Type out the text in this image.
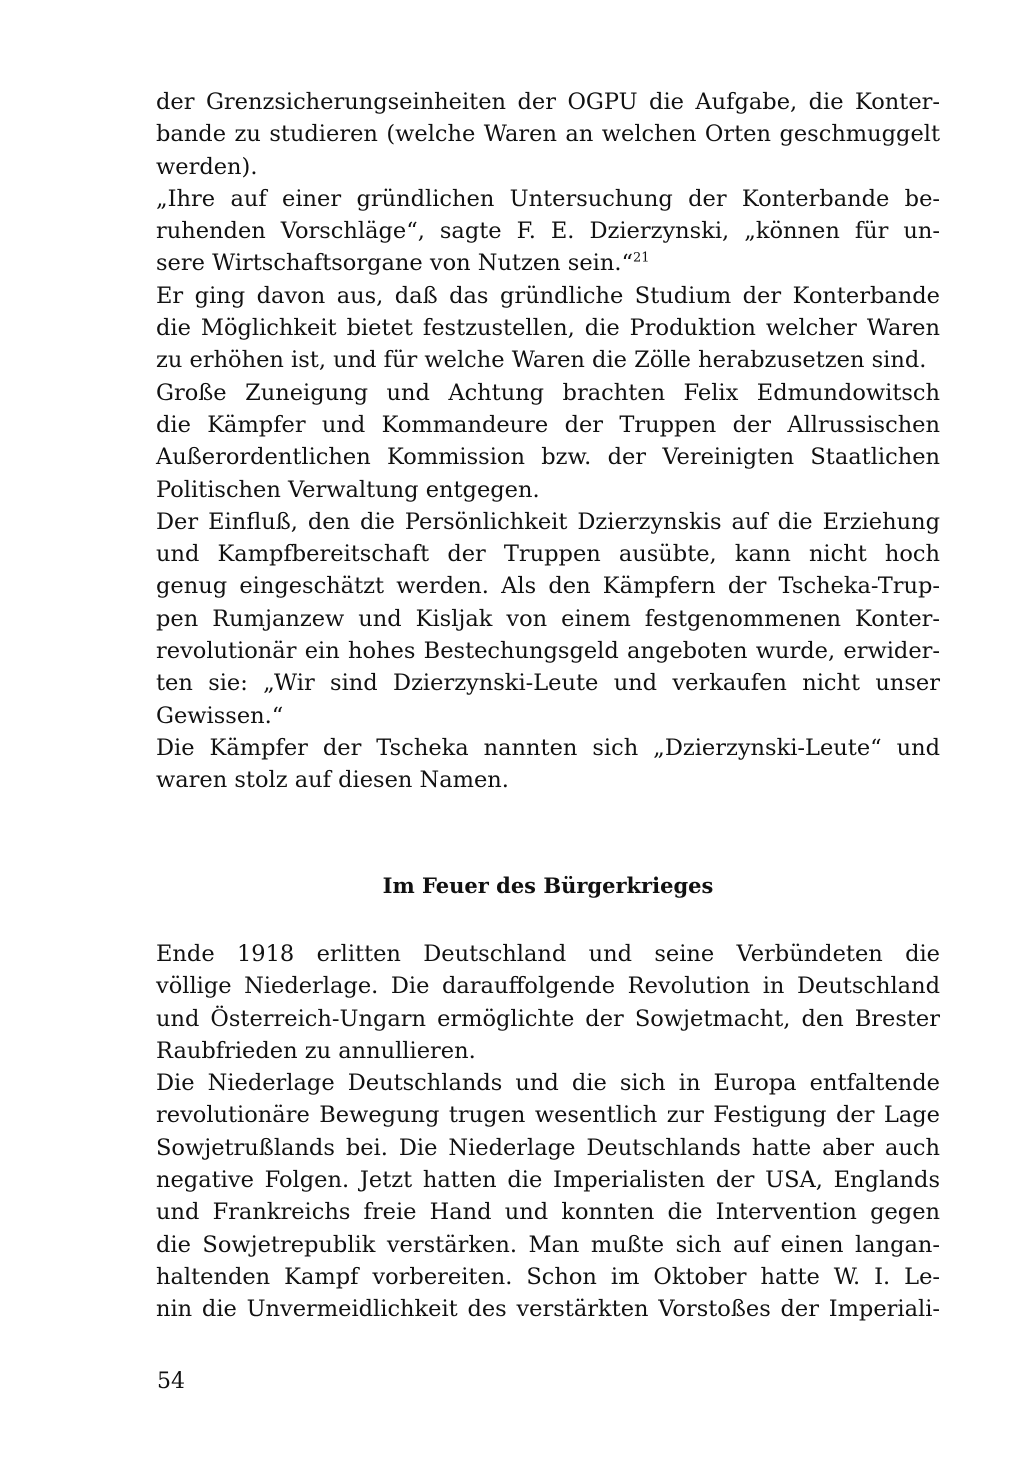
der Grenzsicherungseinheiten der OGPU die Aufgabe, die Konter-
bande zu studieren (welche Waren an welchen Orten geschmuggelt
werden).
„Ihre auf einer gründlichen Untersuchung der Konterbande be-
ruhenden Vorschläge“, sagte F. E. Dzierzynski, „können für un-
sere Wirtschaftsorgane von Nutzen sein.“$^{21}$
Er ging davon aus, daß das gründliche Studium der Konterbande
die Möglichkeit bietet festzustellen, die Produktion welcher Waren
zu erhöhen ist, und für welche Waren die Zölle herabzusetzen sind.
Große Zuneigung und Achtung brachten Felix Edmundowitsch
die Kämpfer und Kommandeure der Truppen der Allrussischen
Außerordentlichen Kommission bzw. der Vereinigten Staatlichen
Politischen Verwaltung entgegen.
Der Einfluß, den die Persönlichkeit Dzierzynskis auf die Erziehung
und Kampfbereitschaft der Truppen ausübte, kann nicht hoch
genug eingeschätzt werden. Als den Kämpfern der Tscheka-Trup-
pen Rumjanzew und Kisljak von einem festgenommenen Konter-
revolutionär ein hohes Bestechungsgeld angeboten wurde, erwider-
ten sie: „Wir sind Dzierzynski-Leute und verkaufen nicht unser
Gewissen.“
Die Kämpfer der Tscheka nannten sich „Dzierzynski-Leute“ und
waren stolz auf diesen Namen.
Im Feuer des Bürgerkrieges
Ende 1918 erlitten Deutschland und seine Verbündeten die
völlige Niederlage. Die darauffolgende Revolution in Deutschland
und Österreich-Ungarn ermöglichte der Sowjetmacht, den Brester
Raubfrieden zu annullieren.
Die Niederlage Deutschlands und die sich in Europa entfaltende
revolutionäre Bewegung trugen wesentlich zur Festigung der Lage
Sowjetrußlands bei. Die Niederlage Deutschlands hatte aber auch
negative Folgen. Jetzt hatten die Imperialisten der USA, Englands
und Frankreichs freie Hand und konnten die Intervention gegen
die Sowjetrepublik verstärken. Man mußte sich auf einen langan-
haltenden Kampf vorbereiten. Schon im Oktober hatte W. I. Le-
nin die Unvermeidlichkeit des verstärkten Vorstoßes der Imperiali-
54
